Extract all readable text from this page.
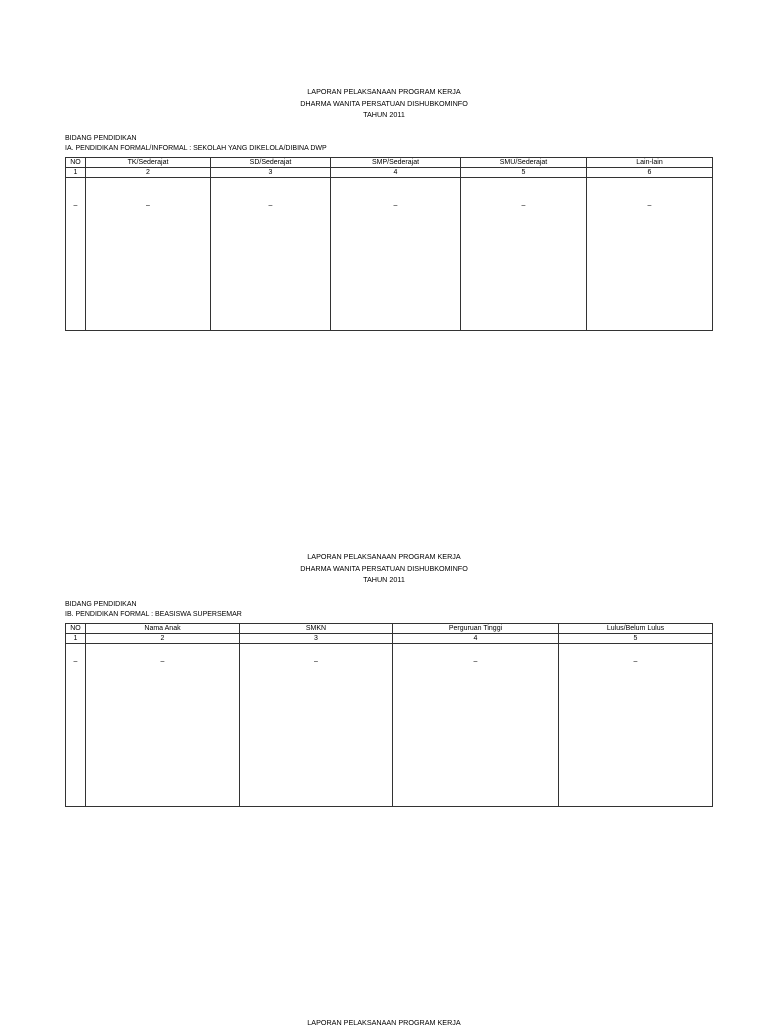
LAPORAN PELAKSANAAN PROGRAM KERJA
DHARMA WANITA PERSATUAN DISHUBKOMINFO
TAHUN 2011
BIDANG PENDIDIKAN
IA. PENDIDIKAN FORMAL/INFORMAL : SEKOLAH YANG DIKELOLA/DIBINA DWP
NO	TK/Sederajat	SD/Sederajat	SMP/Sederajat	SMU/Sederajat	Lain-lain
1	2	3	4	5	6
–	–	–	–	–	–
LAPORAN PELAKSANAAN PROGRAM KERJA
DHARMA WANITA PERSATUAN DISHUBKOMINFO
TAHUN 2011
BIDANG PENDIDIKAN
IB. PENDIDIKAN FORMAL : BEASISWA SUPERSEMAR
NO	Nama Anak	SMKN	Perguruan Tinggi	Lulus/Belum Lulus
1	2	3	4	5
–	–	–	–	–
LAPORAN PELAKSANAAN PROGRAM KERJA
